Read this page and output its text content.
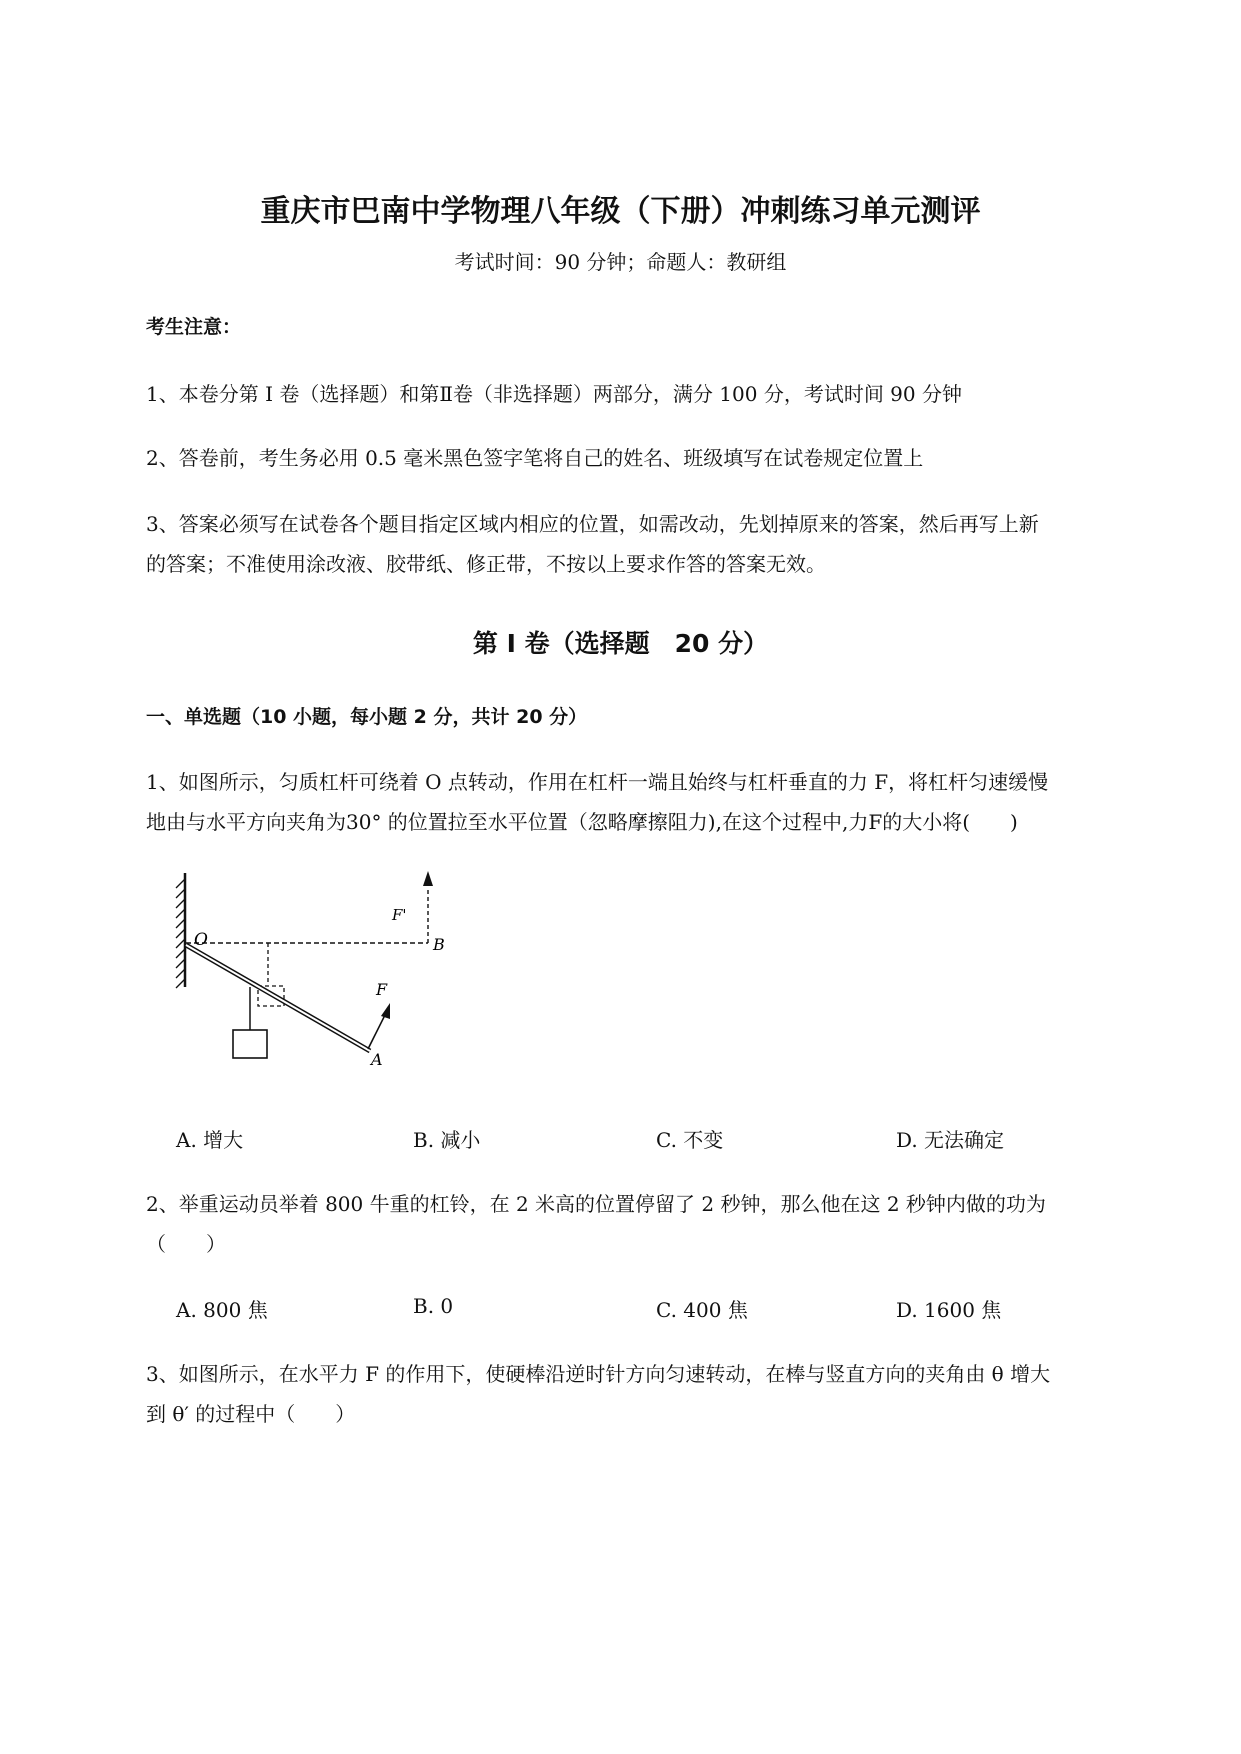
重庆市巴南中学物理八年级（下册）冲刺练习单元测评
考试时间：90 分钟；命题人：教研组
考生注意：
1、本卷分第 I 卷（选择题）和第Ⅱ卷（非选择题）两部分，满分 100 分，考试时间 90 分钟
2、答卷前，考生务必用 0.5 毫米黑色签字笔将自己的姓名、班级填写在试卷规定位置上
3、答案必须写在试卷各个题目指定区域内相应的位置，如需改动，先划掉原来的答案，然后再写上新
的答案；不准使用涂改液、胶带纸、修正带，不按以上要求作答的答案无效。
第 I 卷（选择题　20 分）
一、单选题（10 小题，每小题 2 分，共计 20 分）
1、如图所示，匀质杠杆可绕着 O 点转动，作用在杠杆一端且始终与杠杆垂直的力 F，将杠杆匀速缓慢
地由与水平方向夹角为30° 的位置拉至水平位置（忽略摩擦阻力),在这个过程中,力F的大小将(　　)
O
F'
B
F
A
A. 增大	B. 减小	C. 不变	D. 无法确定
2、举重运动员举着 800 牛重的杠铃，在 2 米高的位置停留了 2 秒钟，那么他在这 2 秒钟内做的功为
（　　）
A. 800 焦	B. 0	C. 400 焦	D. 1600 焦
3、如图所示，在水平力 F 的作用下，使硬棒沿逆时针方向匀速转动，在棒与竖直方向的夹角由 θ 增大
到 θ′ 的过程中（　　）
